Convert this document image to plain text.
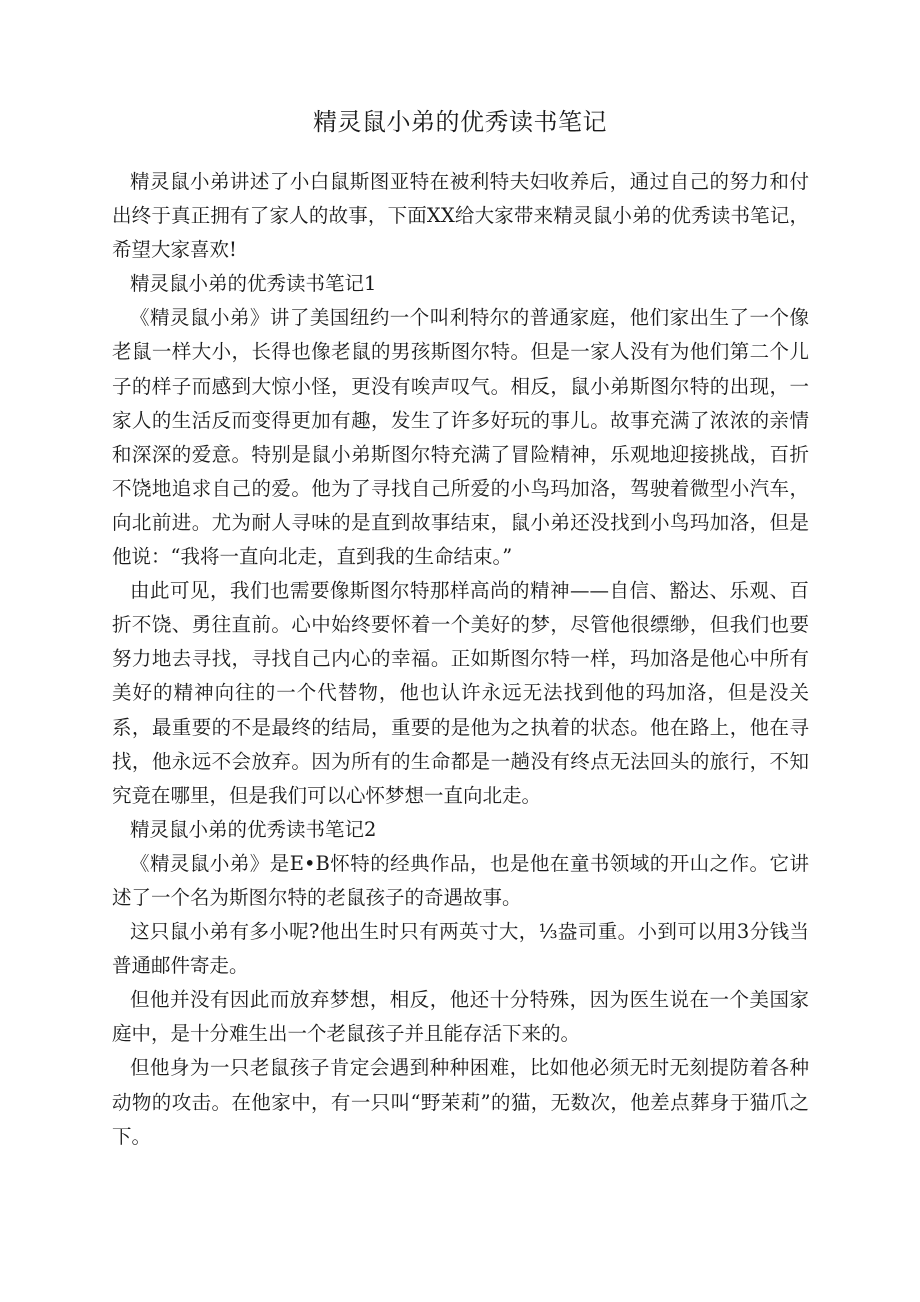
精灵鼠小弟的优秀读书笔记

精灵鼠小弟讲述了小白鼠斯图亚特在被利特夫妇收养后，通过自己的努力和付出终于真正拥有了家人的故事，下面XX给大家带来精灵鼠小弟的优秀读书笔记，希望大家喜欢!

精灵鼠小弟的优秀读书笔记1

《精灵鼠小弟》讲了美国纽约一个叫利特尔的普通家庭，他们家出生了一个像老鼠一样大小，长得也像老鼠的男孩斯图尔特。但是一家人没有为他们第二个儿子的样子而感到大惊小怪，更没有唉声叹气。相反，鼠小弟斯图尔特的出现，一家人的生活反而变得更加有趣，发生了许多好玩的事儿。故事充满了浓浓的亲情和深深的爱意。特别是鼠小弟斯图尔特充满了冒险精神，乐观地迎接挑战，百折不饶地追求自己的爱。他为了寻找自己所爱的小鸟玛加洛，驾驶着微型小汽车，向北前进。尤为耐人寻味的是直到故事结束，鼠小弟还没找到小鸟玛加洛，但是他说：“我将一直向北走，直到我的生命结束。”

由此可见，我们也需要像斯图尔特那样高尚的精神——自信、豁达、乐观、百折不饶、勇往直前。心中始终要怀着一个美好的梦，尽管他很缥缈，但我们也要努力地去寻找，寻找自己内心的幸福。正如斯图尔特一样，玛加洛是他心中所有美好的精神向往的一个代替物，他也认许永远无法找到他的玛加洛，但是没关系，最重要的不是最终的结局，重要的是他为之执着的状态。他在路上，他在寻找，他永远不会放弃。因为所有的生命都是一趟没有终点无法回头的旅行，不知究竟在哪里，但是我们可以心怀梦想一直向北走。

精灵鼠小弟的优秀读书笔记2

《精灵鼠小弟》是E•B怀特的经典作品，也是他在童书领域的开山之作。它讲述了一个名为斯图尔特的老鼠孩子的奇遇故事。

这只鼠小弟有多小呢?他出生时只有两英寸大，⅓盎司重。小到可以用3分钱当普通邮件寄走。

但他并没有因此而放弃梦想，相反，他还十分特殊，因为医生说在一个美国家庭中，是十分难生出一个老鼠孩子并且能存活下来的。

但他身为一只老鼠孩子肯定会遇到种种困难，比如他必须无时无刻提防着各种动物的攻击。在他家中，有一只叫“野茉莉”的猫，无数次，他差点葬身于猫爪之下。
